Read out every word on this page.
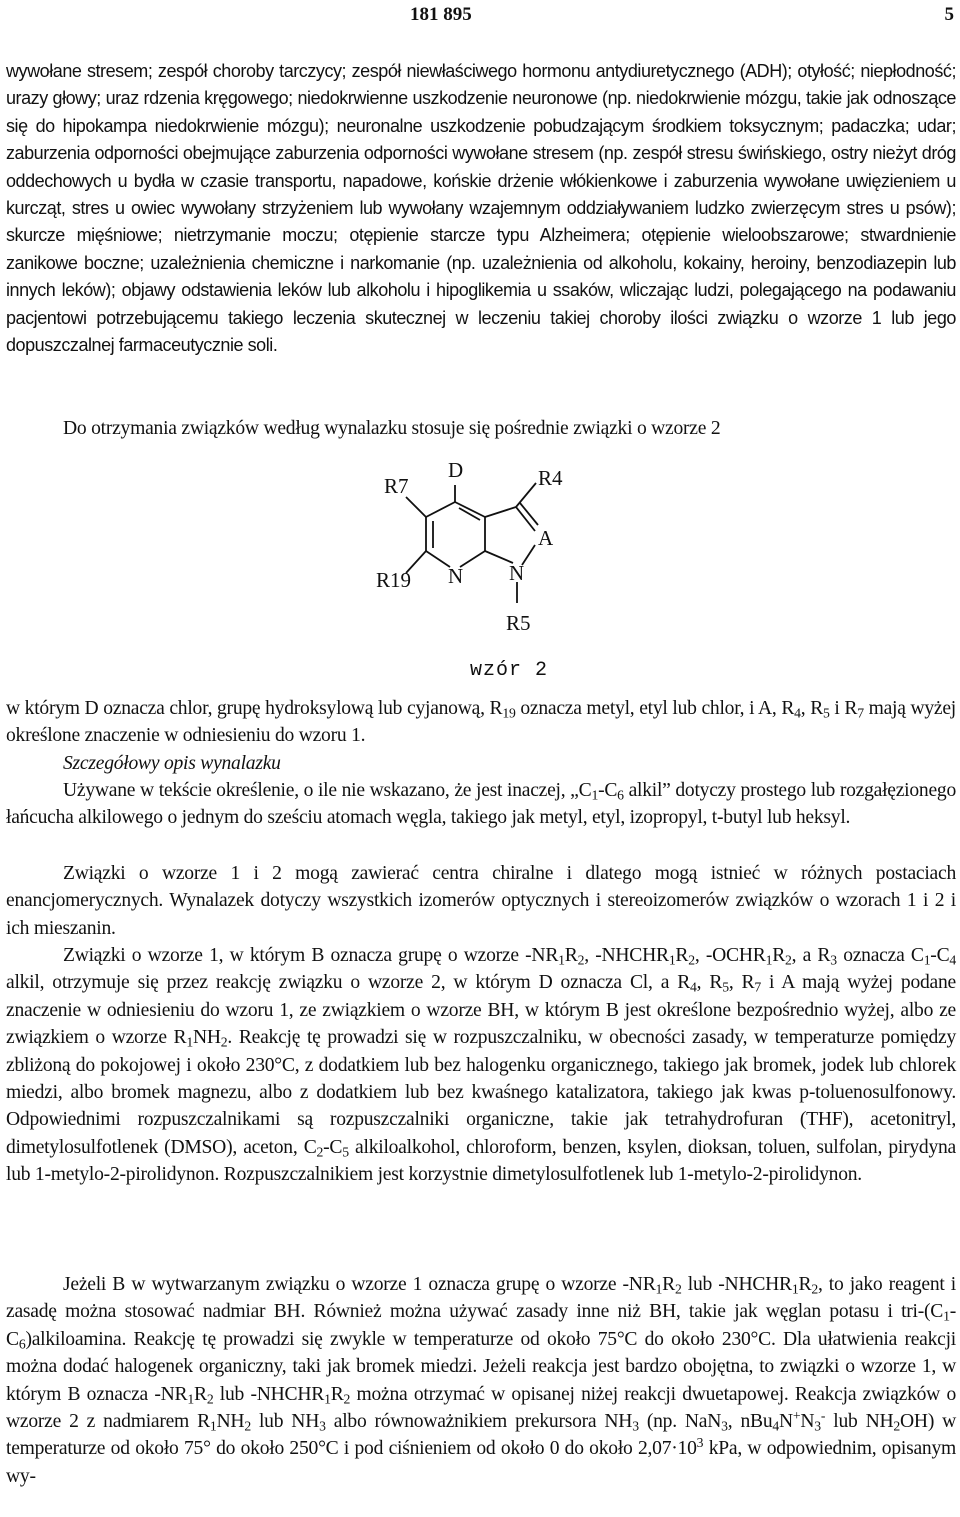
181 895	5

wywołane stresem; zespół choroby tarczycy; zespół niewłaściwego hormonu antydiuretycznego (ADH); otyłość; niepłodność; urazy głowy; uraz rdzenia kręgowego; niedokrwienne uszkodzenie neuronowe (np. niedokrwienie mózgu, takie jak odnoszące się do hipokampa niedokrwienie mózgu); neuronalne uszkodzenie pobudzającym środkiem toksycznym; padaczka; udar; zaburzenia odporności obejmujące zaburzenia odporności wywołane stresem (np. zespół stresu świńskiego, ostry nieżyt dróg oddechowych u bydła w czasie transportu, napadowe, końskie drżenie włókienkowe i zaburzenia wywołane uwięzieniem u kurcząt, stres u owiec wywołany strzyżeniem lub wywołany wzajemnym oddziaływaniem ludzko zwierzęcym stres u psów); skurcze mięśniowe; nietrzymanie moczu; otępienie starcze typu Alzheimera; otępienie wieloobszarowe; stwardnienie zanikowe boczne; uzależnienia chemiczne i narkomanie (np. uzależnienia od alkoholu, kokainy, heroiny, benzodiazepin lub innych leków); objawy odstawienia leków lub alkoholu i hipoglikemia u ssaków, wliczając ludzi, polegającego na podawaniu pacjentowi potrzebującemu takiego leczenia skutecznej w leczeniu takiej choroby ilości związku o wzorze 1 lub jego dopuszczalnej farmaceutycznie soli.

Do otrzymania związków według wynalazku stosuje się pośrednie związki o wzorze 2

D	R4
R7
A
N N
R19
R5
wzór 2

w którym D oznacza chlor, grupę hydroksylową lub cyjanową, $R_{19}$ oznacza metyl, etyl lub chlor, i A, $R_4$, $R_5$ i $R_7$ mają wyżej określone znaczenie w odniesieniu do wzoru 1.

Szczegółowy opis wynalazku

Używane w tekście określenie, o ile nie wskazano, że jest inaczej, $„C_1-C_6$ alkil” dotyczy prostego lub rozgałęzionego łańcucha alkilowego o jednym do sześciu atomach węgla, takiego jak metyl, etyl, izopropyl, t-butyl lub heksyl.

Związki o wzorze 1 i 2 mogą zawierać centra chiralne i dlatego mogą istnieć w różnych postaciach enancjomerycznych. Wynalazek dotyczy wszystkich izomerów optycznych i stereoizomerów związków o wzorach 1 i 2 i ich mieszanin.

Związki o wzorze 1, w którym B oznacza grupę o wzorze $-NR_1R_2$, $-NHCHR_1R_2$, $-OCHR_1R_2$, a $R_3$ oznacza $C_1-C_4$ alkil, otrzymuje się przez reakcję związku o wzorze 2, w którym D oznacza Cl, a $R_4$, $R_5$, $R_7$ i A mają wyżej podane znaczenie w odniesieniu do wzoru 1, ze związkiem o wzorze BH, w którym B jest określone bezpośrednio wyżej, albo ze związkiem o wzorze $R_1NH_2$. Reakcję tę prowadzi się w rozpuszczalniku, w obecności zasady, w temperaturze pomiędzy zbliżoną do pokojowej i około 230°C, z dodatkiem lub bez halogenku organicznego, takiego jak bromek, jodek lub chlorek miedzi, albo bromek magnezu, albo z dodatkiem lub bez kwaśnego katalizatora, takiego jak kwas p-toluenosulfonowy. Odpowiednimi rozpuszczalnikami są rozpuszczalniki organiczne, takie jak tetrahydrofuran (THF), acetonitryl, dimetylosulfotlenek (DMSO), aceton, $C_2-C_5$ alkiloalkohol, chloroform, benzen, ksylen, dioksan, toluen, sulfolan, pirydyna lub 1-metylo-2-pirolidynon. Rozpuszczalnikiem jest korzystnie dimetylosulfotlenek lub 1-metylo-2-pirolidynon.

Jeżeli B w wytwarzanym związku o wzorze 1 oznacza grupę o wzorze $-NR_1R_2$ lub $-NHCHR_1R_2$, to jako reagent i zasadę można stosować nadmiar BH. Również można używać zasady inne niż BH, takie jak węglan potasu i tri-$(C_1-C_6)alkiloamina$. Reakcję tę prowadzi się zwykle w temperaturze od około 75°C do około 230°C. Dla ułatwienia reakcji można dodać halogenek organiczny, taki jak bromek miedzi. Jeżeli reakcja jest bardzo obojętna, to związki o wzorze 1, w którym B oznacza $-NR_1R_2$ lub $-NHCHR_1R_2$ można otrzymać w opisanej niżej reakcji dwuetapowej. Reakcja związków o wzorze 2 z nadmiarem $R_1NH_2$ lub $NH_3$ albo równoważnikiem prekursora $NH_3$ (np. NaN$_3$, $nBu_4N^+N_3^-$ lub $NH_2OH$) w temperaturze od około 75° do około 250°C i pod ciśnieniem od około 0 do około $2,07\cdot 10^3$ kPa, w odpowiednim, opisanym wy-
